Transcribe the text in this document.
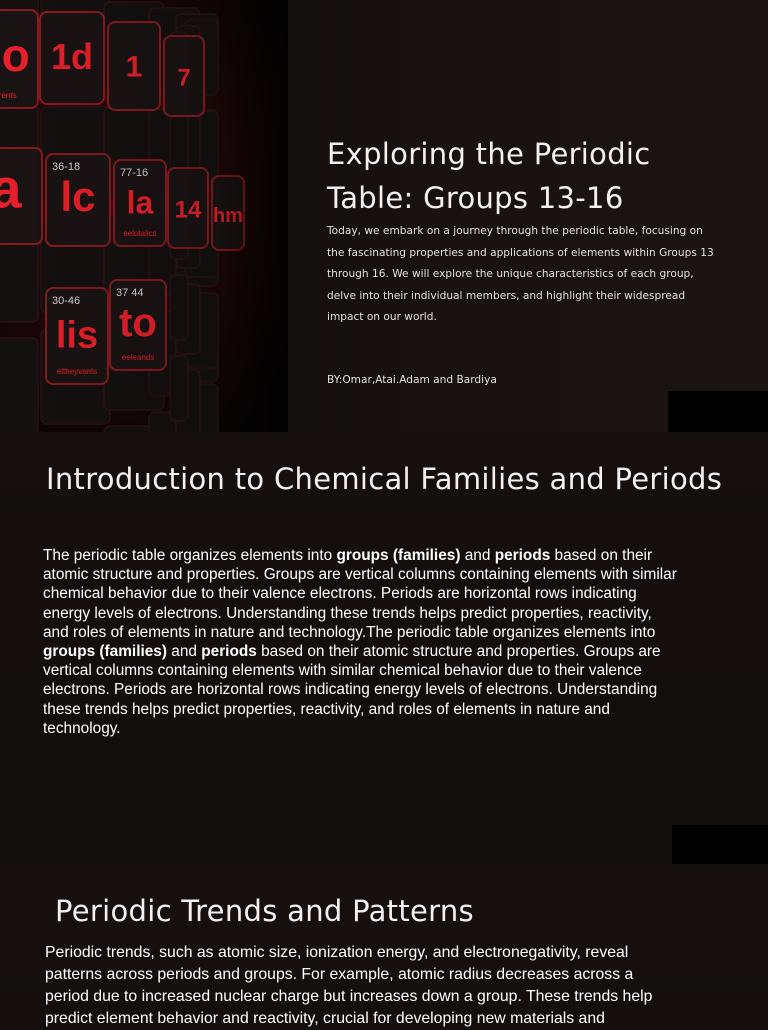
Exploring the Periodic Table: Groups 13-16

Today, we embark on a journey through the periodic table, focusing on the fascinating properties and applications of elements within Groups 13 through 16. We will explore the unique characteristics of each group, delve into their individual members, and highlight their widespread impact on our world.

BY:Omar,Atai.Adam and Bardiya

Introduction to Chemical Families and Periods

The periodic table organizes elements into groups (families) and periods based on their atomic structure and properties. Groups are vertical columns containing elements with similar chemical behavior due to their valence electrons. Periods are horizontal rows indicating energy levels of electrons. Understanding these trends helps predict properties, reactivity, and roles of elements in nature and technology.The periodic table organizes elements into groups (families) and periods based on their atomic structure and properties. Groups are vertical columns containing elements with similar chemical behavior due to their valence electrons. Periods are horizontal rows indicating energy levels of electrons. Understanding these trends helps predict properties, reactivity, and roles of elements in nature and technology.

Periodic Trends and Patterns

Periodic trends, such as atomic size, ionization energy, and electronegativity, reveal patterns across periods and groups. For example, atomic radius decreases across a period due to increased nuclear charge but increases down a group. These trends help predict element behavior and reactivity, crucial for developing new materials and
